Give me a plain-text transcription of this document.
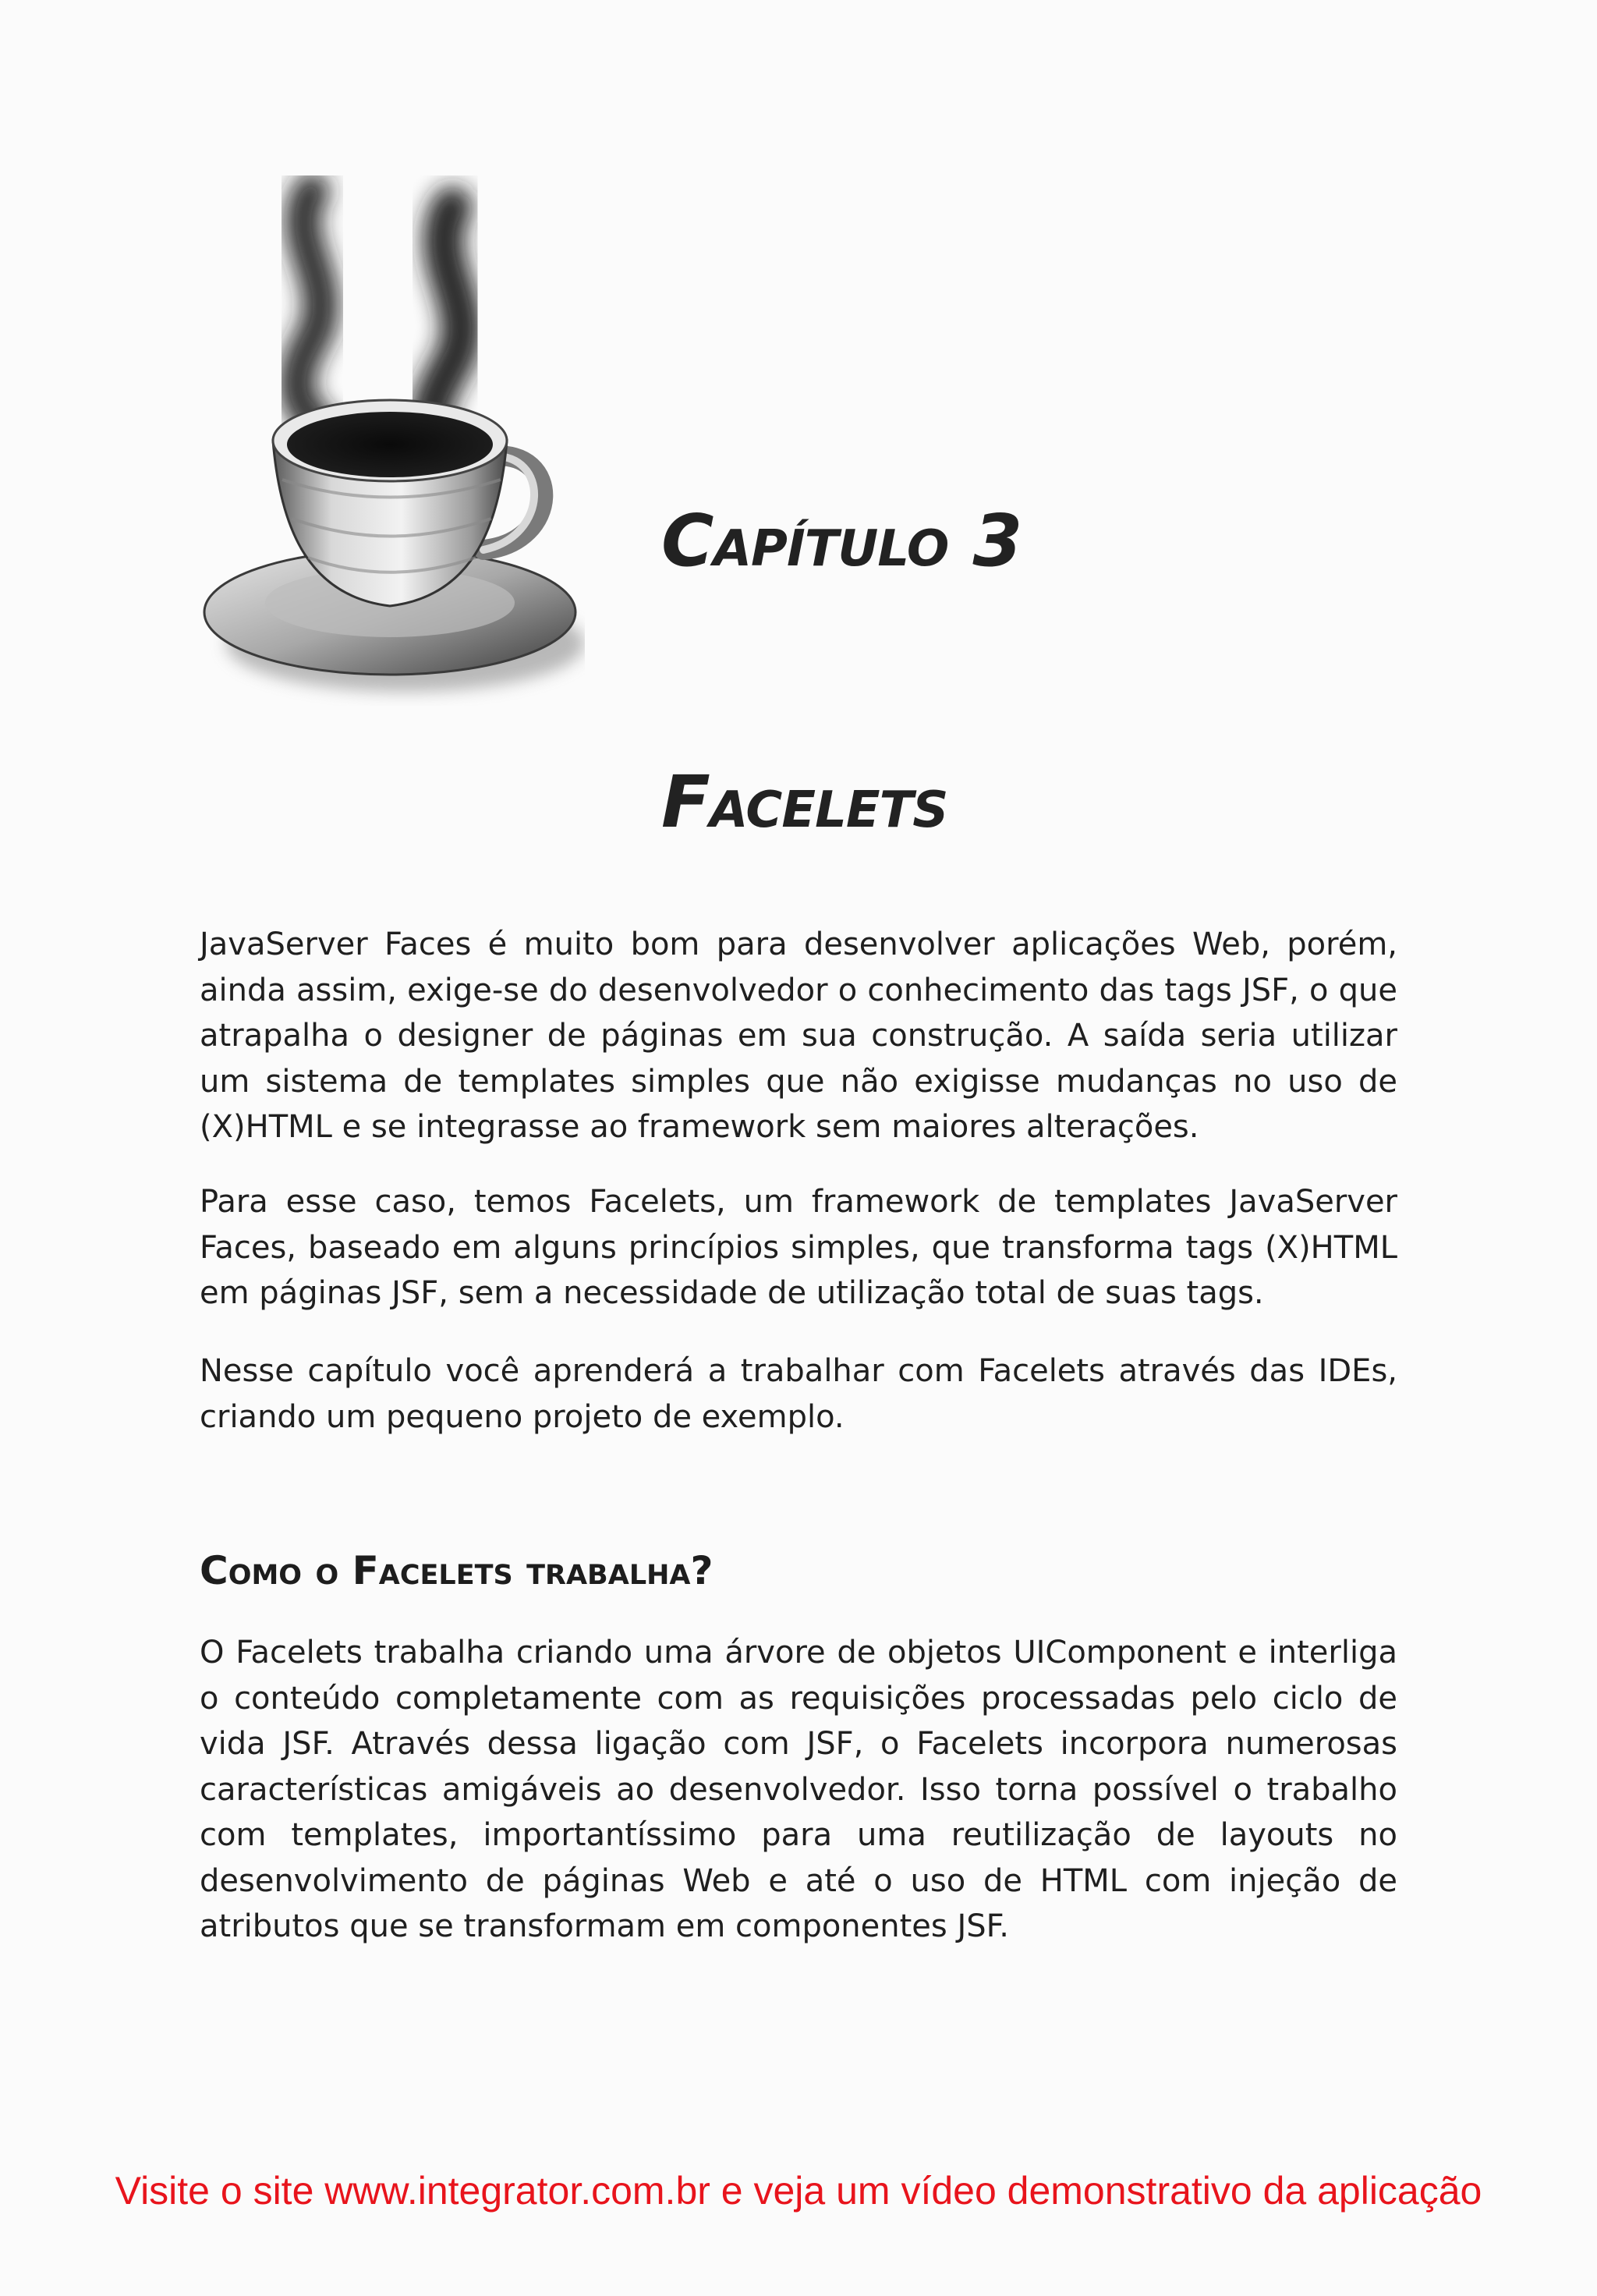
Capítulo 3
Facelets

JavaServer Faces é muito bom para desenvolver aplicações Web, porém, ainda assim, exige-se do desenvolvedor o conhecimento das tags JSF, o que atrapalha o designer de páginas em sua construção. A saída seria utilizar um sistema de templates simples que não exigisse mudanças no uso de (X)HTML e se integrasse ao framework sem maiores alterações.

Para esse caso, temos Facelets, um framework de templates JavaServer Faces, baseado em alguns princípios simples, que transforma tags (X)HTML em páginas JSF, sem a necessidade de utilização total de suas tags.

Nesse capítulo você aprenderá a trabalhar com Facelets através das IDEs, criando um pequeno projeto de exemplo.

Como o Facelets trabalha?

O Facelets trabalha criando uma árvore de objetos UIComponent e interliga o conteúdo completamente com as requisições processadas pelo ciclo de vida JSF. Através dessa ligação com JSF, o Facelets incorpora numerosas características amigáveis ao desenvolvedor. Isso torna possível o trabalho com templates, importantíssimo para uma reutilização de layouts no desenvolvimento de páginas Web e até o uso de HTML com injeção de atributos que se transformam em componentes JSF.

Visite o site www.integrator.com.br e veja um vídeo demonstrativo da aplicação
